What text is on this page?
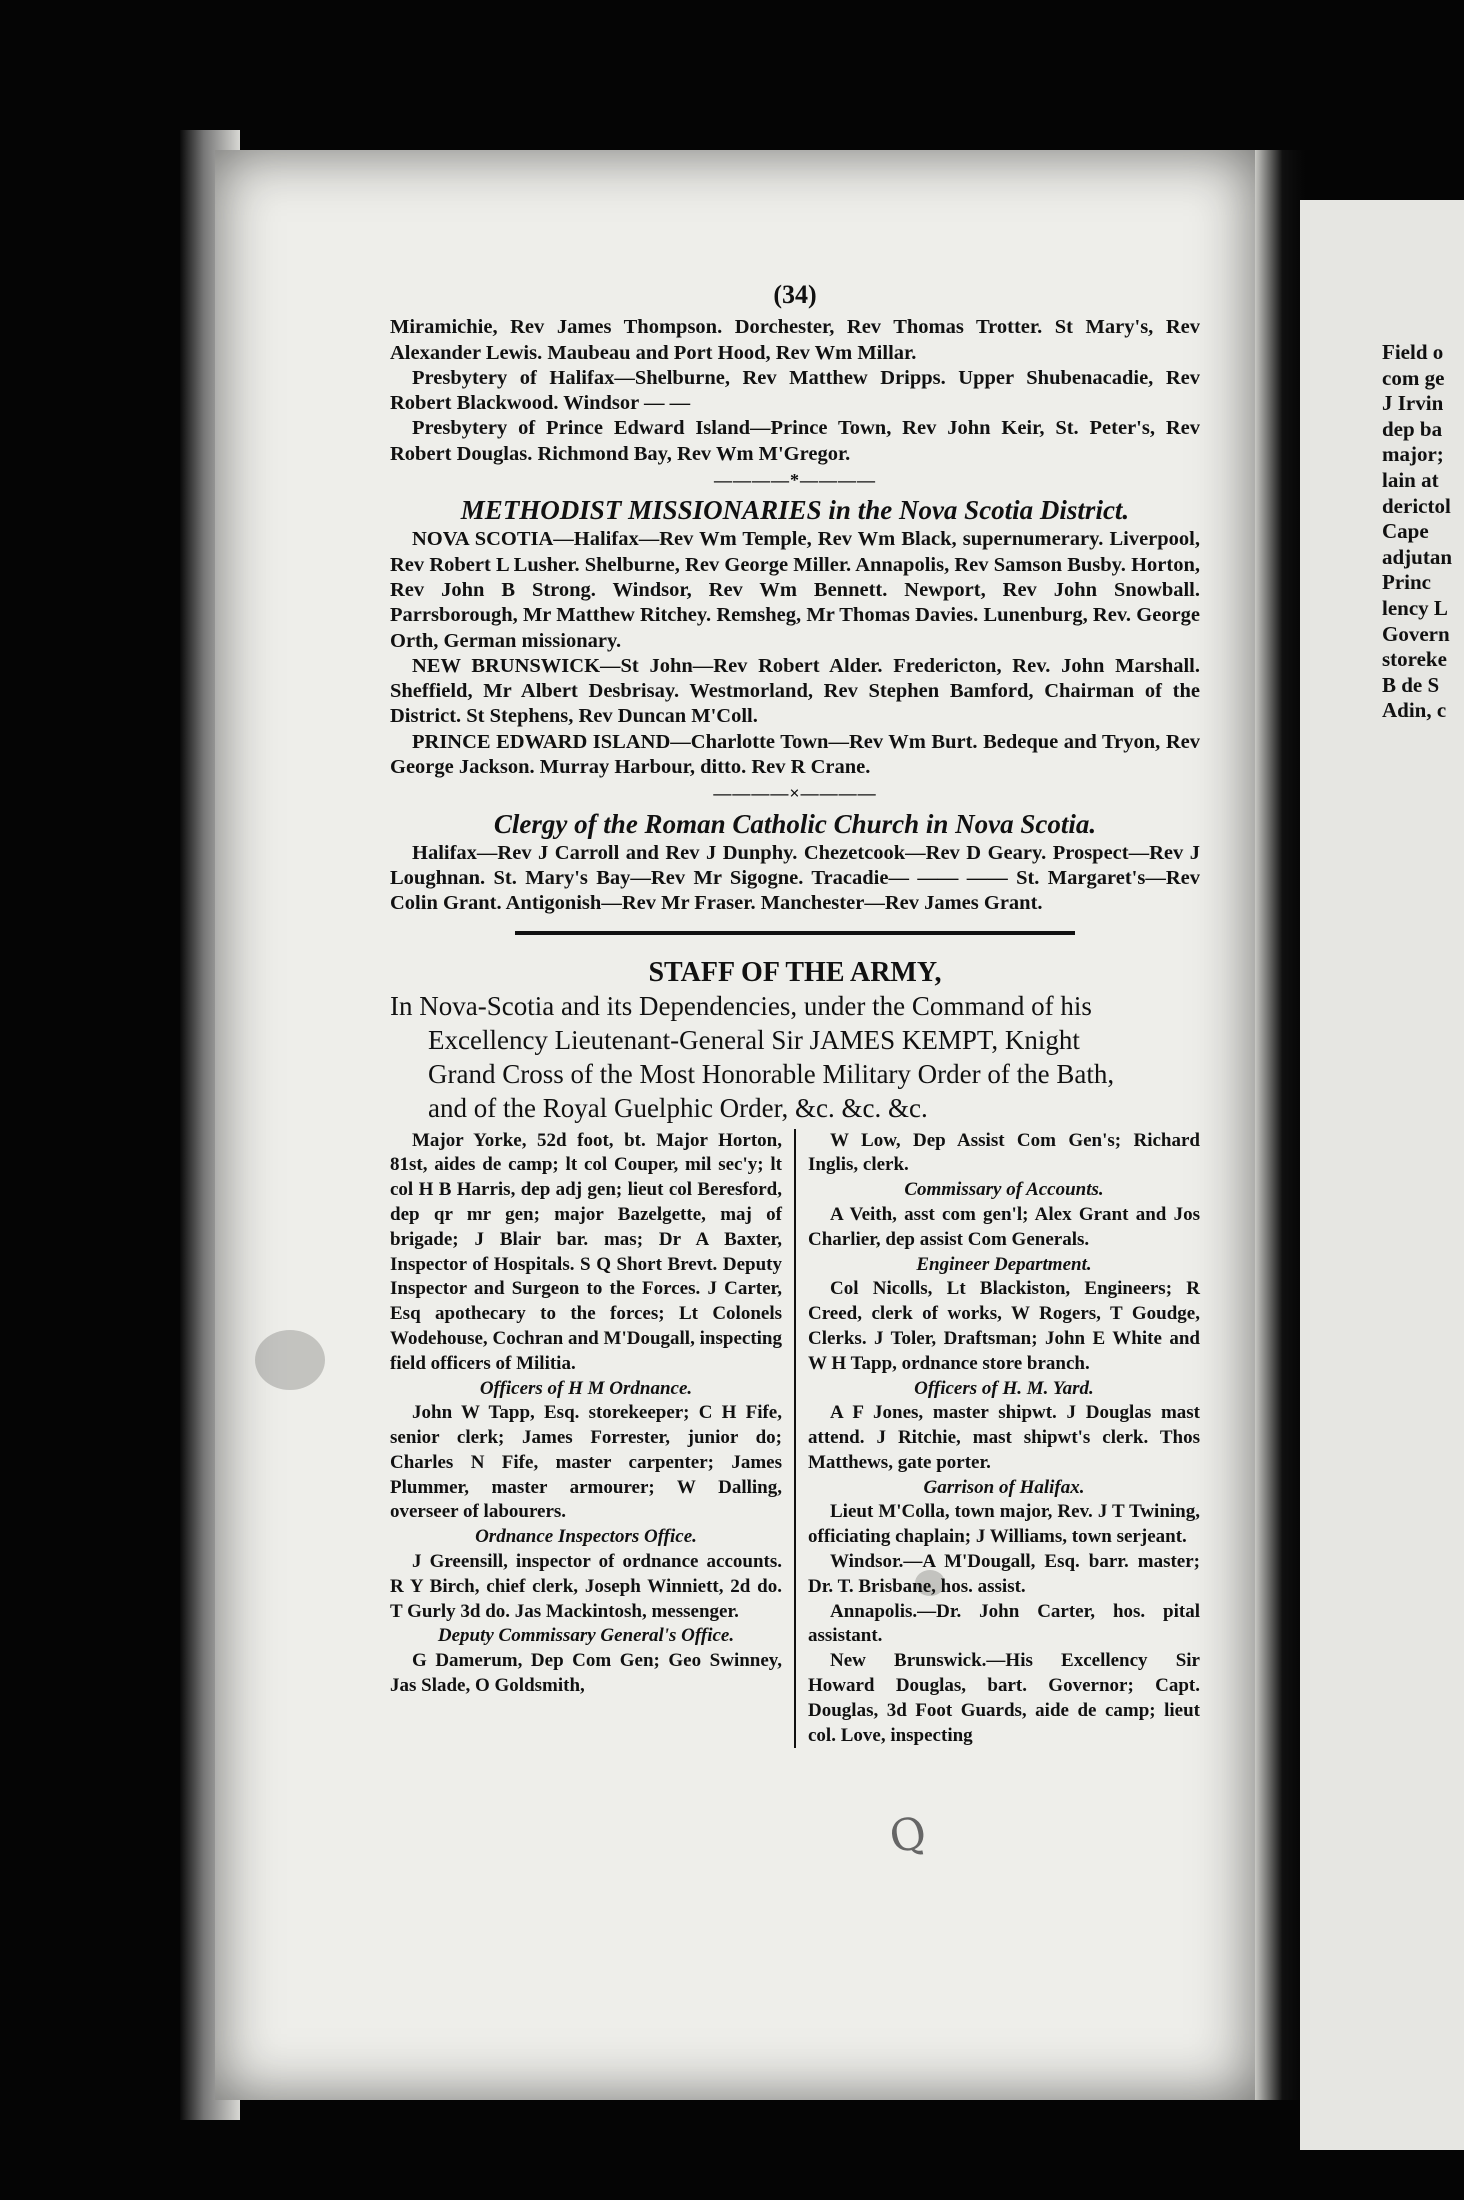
Field o
com ge
J Irvin
dep ba
major;
lain at
derictol
Cape
adjutan
Princ
lency L
Govern
storeke
B de S
Adin, c
(34)

Miramichie, Rev James Thompson. Dorchester, Rev Thomas Trotter. St Mary's, Rev Alexander Lewis. Maubeau and Port Hood, Rev Wm Millar.

Presbytery of Halifax—Shelburne, Rev Matthew Dripps. Upper Shubenacadie, Rev Robert Blackwood. Windsor — —

Presbytery of Prince Edward Island—Prince Town, Rev John Keir, St. Peter's, Rev Robert Douglas. Richmond Bay, Rev Wm M'Gregor.

————*————
METHODIST MISSIONARIES in the Nova Scotia District.

NOVA SCOTIA—Halifax—Rev Wm Temple, Rev Wm Black, supernumerary. Liverpool, Rev Robert L Lusher. Shelburne, Rev George Miller. Annapolis, Rev Samson Busby. Horton, Rev John B Strong. Windsor, Rev Wm Bennett. Newport, Rev John Snowball. Parrsborough, Mr Matthew Ritchey. Remsheg, Mr Thomas Davies. Lunenburg, Rev. George Orth, German missionary.

NEW BRUNSWICK—St John—Rev Robert Alder. Fredericton, Rev. John Marshall. Sheffield, Mr Albert Desbrisay. Westmorland, Rev Stephen Bamford, Chairman of the District. St Stephens, Rev Duncan M'Coll.

PRINCE EDWARD ISLAND—Charlotte Town—Rev Wm Burt. Bedeque and Tryon, Rev George Jackson. Murray Harbour, ditto. Rev R Crane.

————×————
Clergy of the Roman Catholic Church in Nova Scotia.

Halifax—Rev J Carroll and Rev J Dunphy. Chezetcook—Rev D Geary. Prospect—Rev J Loughnan. St. Mary's Bay—Rev Mr Sigogne. Tracadie— —— —— St. Margaret's—Rev Colin Grant. Antigonish—Rev Mr Fraser. Manchester—Rev James Grant.

STAFF OF THE ARMY,
In Nova-Scotia and its Dependencies, under the Command of his
Excellency Lieutenant-General Sir JAMES KEMPT, Knight
Grand Cross of the Most Honorable Military Order of the Bath,
and of the Royal Guelphic Order, &c. &c. &c.

Major Yorke, 52d foot, bt. Major Horton, 81st, aides de camp; lt col Couper, mil sec'y; lt col H B Harris, dep adj gen; lieut col Beresford, dep qr mr gen; major Bazelgette, maj of brigade; J Blair bar. mas; Dr A Baxter, Inspector of Hospitals. S Q Short Brevt. Deputy Inspector and Surgeon to the Forces. J Carter, Esq apothecary to the forces; Lt Colonels Wodehouse, Cochran and M'Dougall, inspecting field officers of Militia.

Officers of H M Ordnance.

John W Tapp, Esq. storekeeper; C H Fife, senior clerk; James Forrester, junior do; Charles N Fife, master carpenter; James Plummer, master armourer; W Dalling, overseer of labourers.

Ordnance Inspectors Office.

J Greensill, inspector of ordnance accounts. R Y Birch, chief clerk, Joseph Winniett, 2d do. T Gurly 3d do. Jas Mackintosh, messenger.

Deputy Commissary General's Office.

G Damerum, Dep Com Gen; Geo Swinney, Jas Slade, O Goldsmith,

W Low, Dep Assist Com Gen's; Richard Inglis, clerk.

Commissary of Accounts.

A Veith, asst com gen'l; Alex Grant and Jos Charlier, dep assist Com Generals.

Engineer Department.

Col Nicolls, Lt Blackiston, Engineers; R Creed, clerk of works, W Rogers, T Goudge, Clerks. J Toler, Draftsman; John E White and W H Tapp, ordnance store branch.

Officers of H. M. Yard.

A F Jones, master shipwt. J Douglas mast attend. J Ritchie, mast shipwt's clerk. Thos Matthews, gate porter.

Garrison of Halifax.

Lieut M'Colla, town major, Rev. J T Twining, officiating chaplain; J Williams, town serjeant.

Windsor.—A M'Dougall, Esq. barr. master; Dr. T. Brisbane, hos. assist.

Annapolis.—Dr. John Carter, hos. pital assistant.

New Brunswick.—His Excellency Sir Howard Douglas, bart. Governor; Capt. Douglas, 3d Foot Guards, aide de camp; lieut col. Love, inspecting

Q
